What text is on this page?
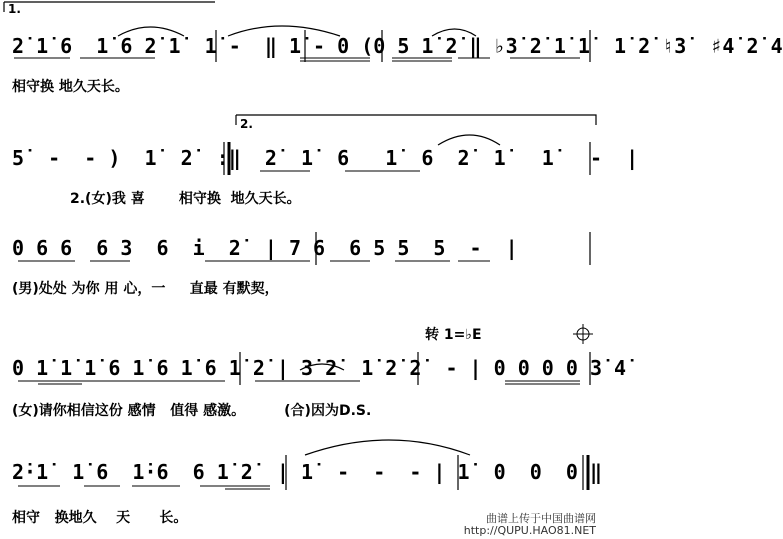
1.
2.
2̇ 1̇ 6  1̇ 6 2̇ 1̇  1̇ -  ‖ 1̇ - 0 (0 5 1̇ 2̇ ‖ ♭3̇ 2̇ 1̇ 1̇  1̇ 2̇ ♮3̇  ♯4̇ 2̇ 4̇
相守换 地久天长。
5̇  -  - )  1̇  2̇  :‖  2̇  1̇  6   1̇  6  2̇  1̇   1̇   -  |
2.(女)我 喜       相守换  地久天长。
0 6 6  6 3  6  i  2̇  | 7 6  6 5 5  5  -  |
(男)处处 为你 用 心，一     直最 有默契，
转 1=♭E
0 1̇ 1̇ 1̇ 6 1̇ 6 1̇ 6 1̇ 2̇ | 3̇ 2̇  1̇ 2̇ 2̇  - | 0 0 0 0 3̇ 4̇
(女)请你相信这份 感情   值得 感激。        (合)因为D.S.
2̇·1̇  1̇ 6  1̇·6  6 1̇ 2̇  | 1̇  -  -  - | 1̇  0  0  0 ‖
相守   换地久    天      长。	曲谱上传于中国曲谱网
http://QUPU.HAO81.NET
